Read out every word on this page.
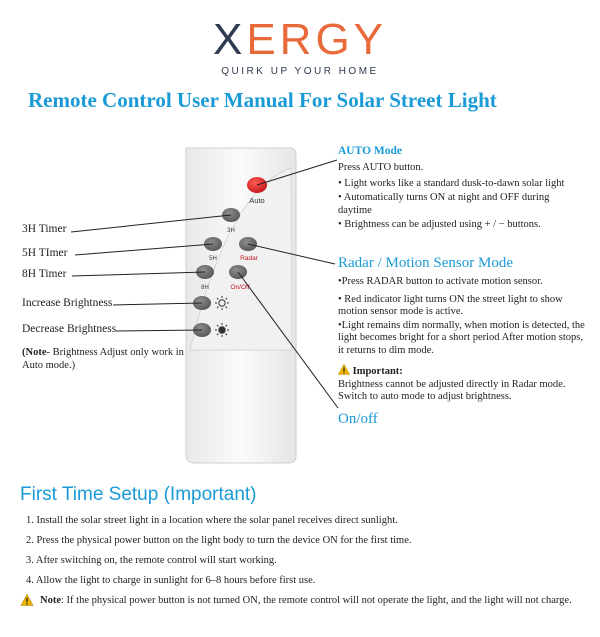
XERGY
QUIRK UP YOUR HOME
Remote Control User Manual For Solar Street Light
Auto
3H
5H	Radar
8H	On/Off
3H Timer
5H TImer
8H Timer
Increase Brightness
Decrease Brightness
(Note- Brightness Adjust only work in Auto mode.)
AUTO Mode

Press AUTO button.

• Light works like a standard dusk-to-dawn solar light

• Automatically turns ON at night and OFF during daytime

• Brightness can be adjusted using + / − buttons.

Radar / Motion Sensor Mode

•Press RADAR button to activate motion sensor.

• Red indicator light turns ON the street light to show motion sensor mode is active.

•Light remains dim normally, when motion is detected, the light becomes bright for a short period After motion stops, it returns to dim mode.

Important:
Brightness cannot be adjusted directly in Radar mode. Switch to auto mode to adjust brightness.
On/off
First Time Setup (Important)
1. Install the solar street light in a location where the solar panel receives direct sunlight.
2. Press the physical power button on the light body to turn the device ON for the first time.
3. After switching on, the remote control will start working.
4. Allow the light to charge in sunlight for 6–8 hours before first use.
Note: If the physical power button is not turned ON, the remote control will not operate the light, and the light will not charge.
